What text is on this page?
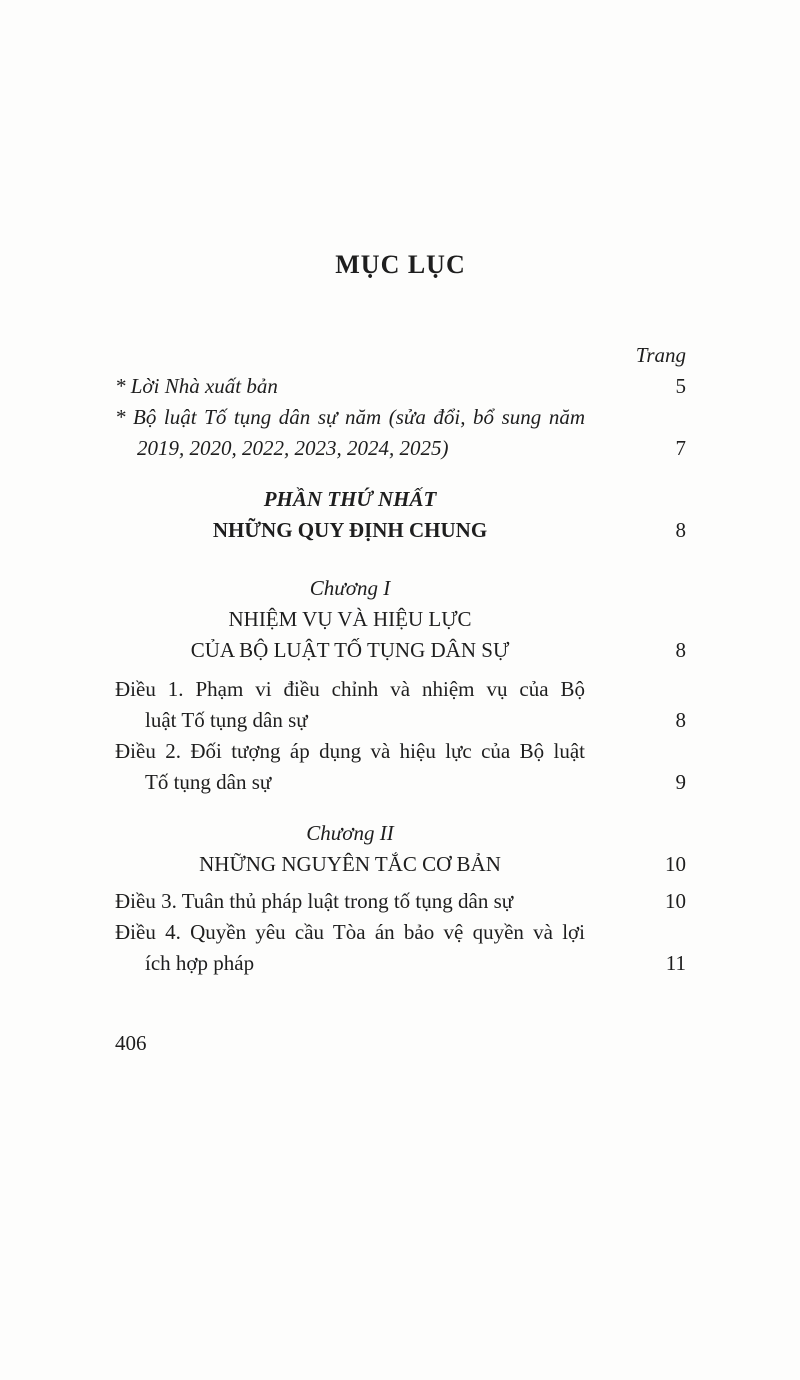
MỤC LỤC
Trang
* Lời Nhà xuất bản	5
* Bộ luật Tố tụng dân sự năm (sửa đổi, bổ sung năm
2019, 2020, 2022, 2023, 2024, 2025)	7
PHẦN THỨ NHẤT
NHỮNG QUY ĐỊNH CHUNG	8
Chương I
NHIỆM VỤ VÀ HIỆU LỰC
CỦA BỘ LUẬT TỐ TỤNG DÂN SỰ	8
Điều 1. Phạm vi điều chỉnh và nhiệm vụ của Bộ
luật Tố tụng dân sự	8
Điều 2. Đối tượng áp dụng và hiệu lực của Bộ luật
Tố tụng dân sự	9
Chương II
NHỮNG NGUYÊN TẮC CƠ BẢN	10
Điều 3. Tuân thủ pháp luật trong tố tụng dân sự	10
Điều 4. Quyền yêu cầu Tòa án bảo vệ quyền và lợi
ích hợp pháp	11
406
